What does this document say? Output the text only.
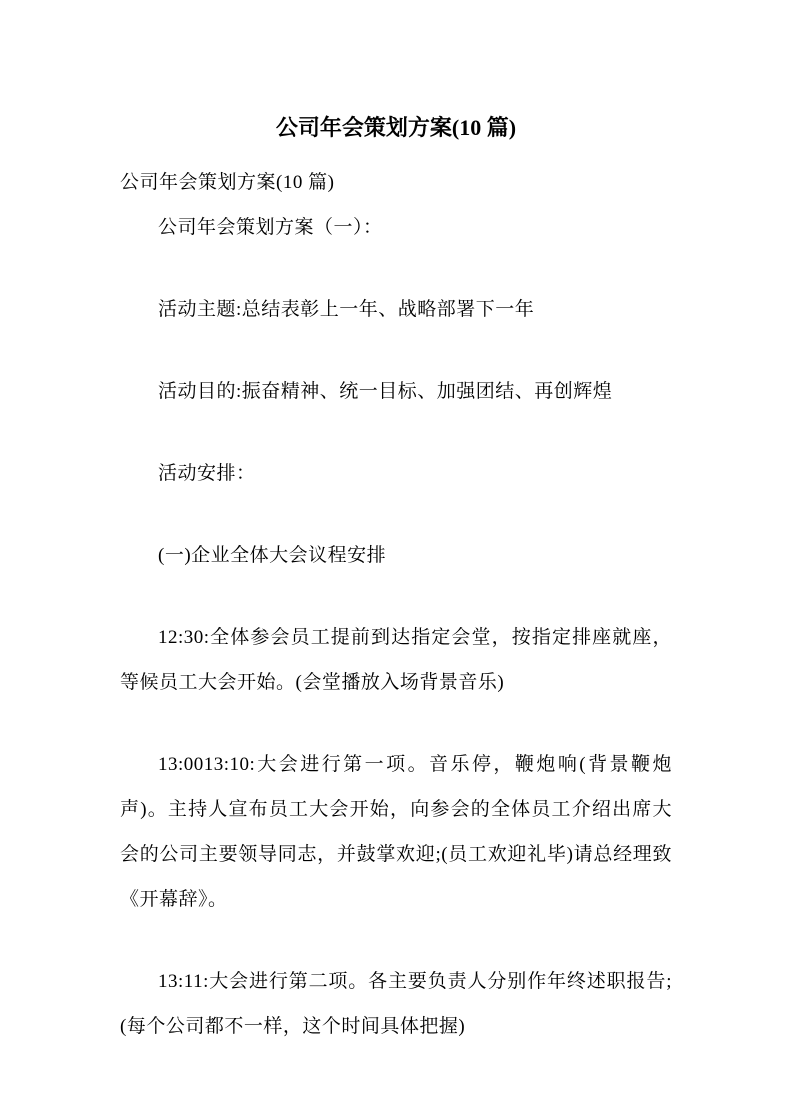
公司年会策划方案(10 篇)

公司年会策划方案(10 篇)

公司年会策划方案（一）：

活动主题:总结表彰上一年、战略部署下一年

活动目的:振奋精神、统一目标、加强团结、再创辉煌

活动安排：

(一)企业全体大会议程安排

12:30:全体参会员工提前到达指定会堂，按指定排座就座，等候员工大会开始。(会堂播放入场背景音乐)

13:0013:10:大会进行第一项。音乐停，鞭炮响(背景鞭炮声)。主持人宣布员工大会开始，向参会的全体员工介绍出席大会的公司主要领导同志，并鼓掌欢迎;(员工欢迎礼毕)请总经理致《开幕辞》。

13:11:大会进行第二项。各主要负责人分别作年终述职报告;(每个公司都不一样，这个时间具体把握)
